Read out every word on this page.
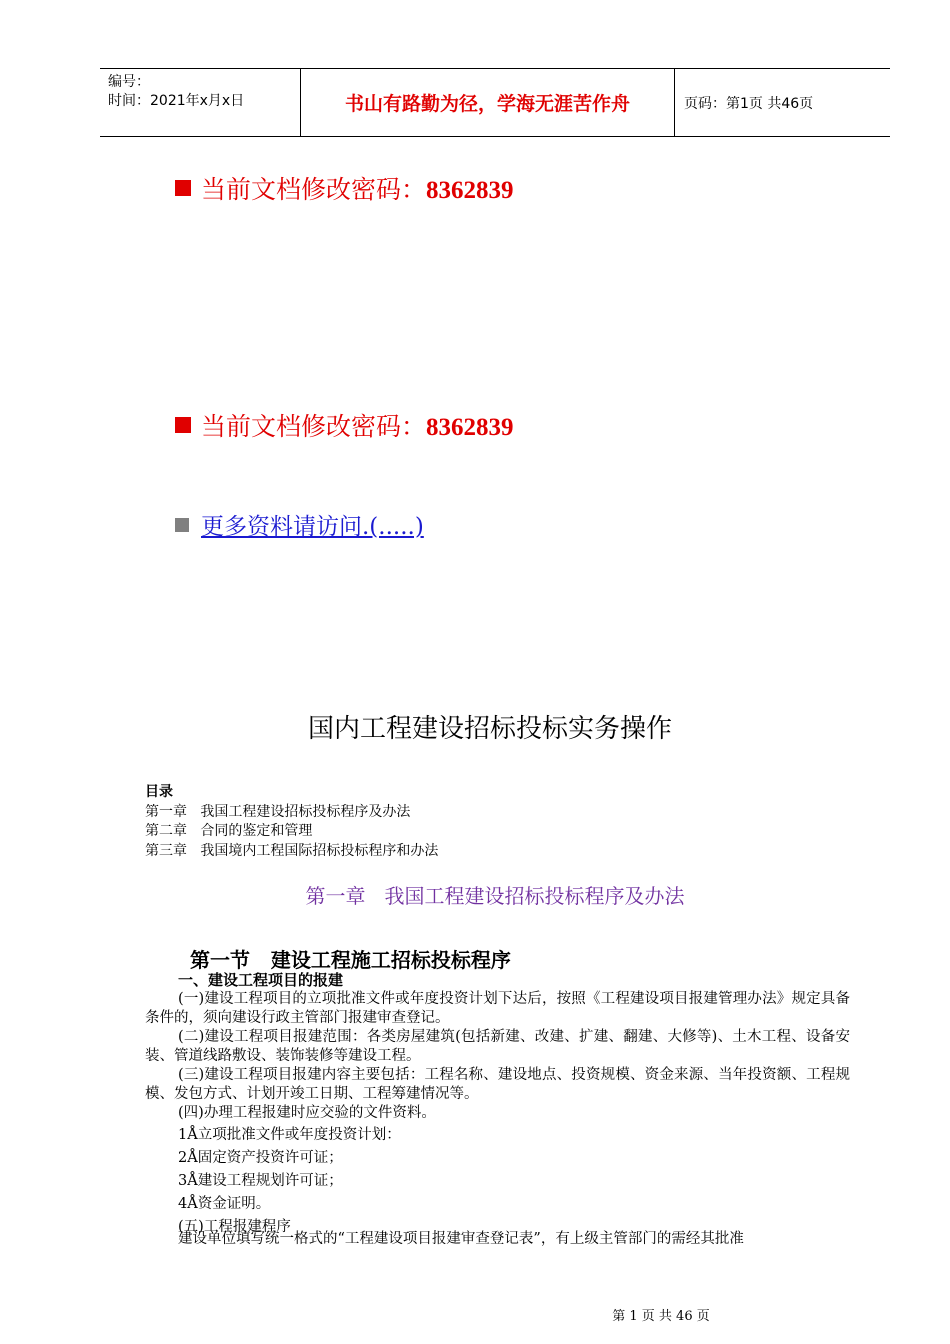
编号：
时间：2021年x月x日	书山有路勤为径，学海无涯苦作舟	页码：第1页 共46页
当前文档修改密码：8362839
当前文档修改密码：8362839
更多资料请访问.(.....)
国内工程建设招标投标实务操作
目录
第一章   我国工程建设招标投标程序及办法
第二章   合同的鉴定和管理
第三章   我国境内工程国际招标投标程序和办法
第一章   我国工程建设招标投标程序及办法
第一节   建设工程施工招标投标程序
一、建设工程项目的报建
(一)建设工程项目的立项批准文件或年度投资计划下达后，按照《工程建设项目报建管理办法》规定具备条件的，须向建设行政主管部门报建审查登记。
(二)建设工程项目报建范围：各类房屋建筑(包括新建、改建、扩建、翻建、大修等)、土木工程、设备安装、管道线路敷设、装饰装修等建设工程。
(三)建设工程项目报建内容主要包括：工程名称、建设地点、投资规模、资金来源、当年投资额、工程规模、发包方式、计划开竣工日期、工程筹建情况等。
(四)办理工程报建时应交验的文件资料。
1Å立项批准文件或年度投资计划：
2Å固定资产投资许可证；
3Å建设工程规划许可证；
4Å资金证明。
(五)工程报建程序
建设单位填写统一格式的“工程建设项目报建审查登记表”，有上级主管部门的需经其批准
第 1 页 共 46 页
